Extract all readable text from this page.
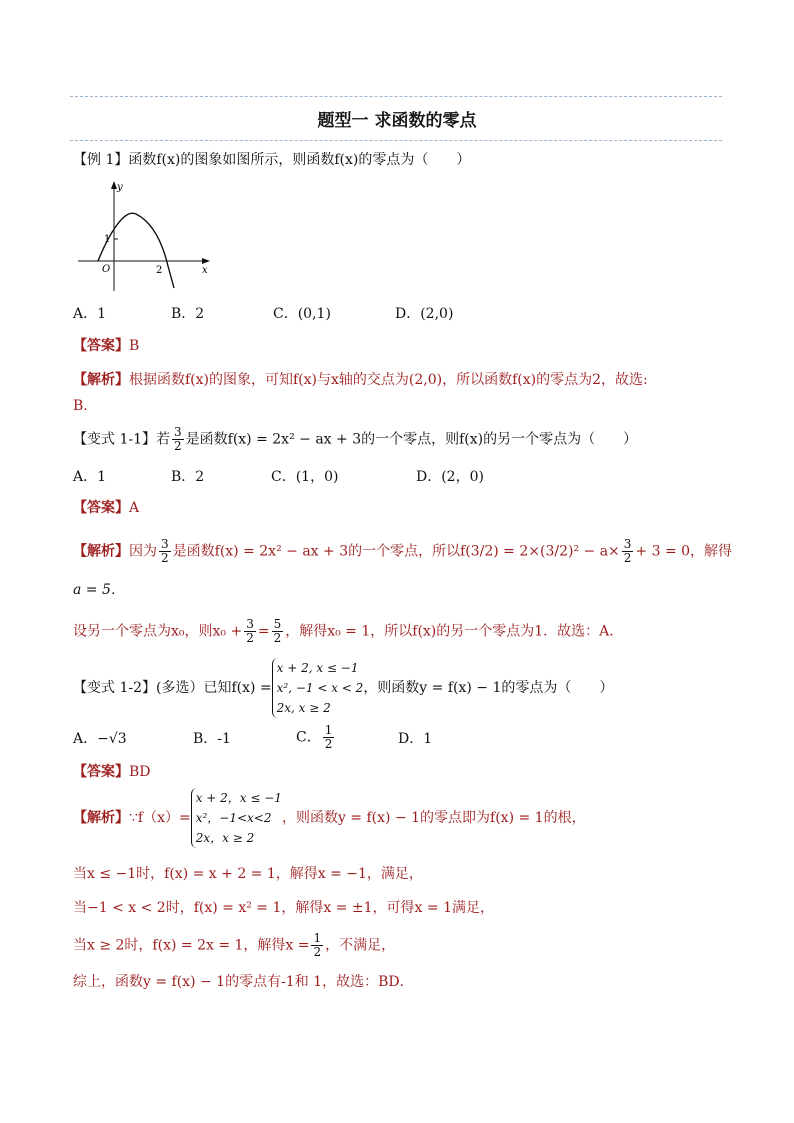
题型一 求函数的零点
【例 1】函数f(x)的图象如图所示，则函数f(x)的零点为（　　）
y
x
O
1
2
A．1	B．2	C．(0,1)	D．(2,0)
【答案】B
【解析】根据函数f(x)的图象，可知f(x)与x轴的交点为(2,0)，所以函数f(x)的零点为2，故选:
B.
【变式 1-1】若 $\frac{3}{2}$ 是函数f(x) = 2x² − ax + 3的一个零点，则f(x)的另一个零点为（　　）
A．1	B．2	C．(1，0)	D．(2，0)
【答案】A
【解析】因为 $\frac{3}{2}$ 是函数f(x) = 2x² − ax + 3的一个零点，所以$f(3/2) = 2\times(3/2)^2 - a\times \frac{3}{2} + 3 = 0$，解得
a = 5．
设另一个零点为x₀，则$x_0 + \frac{3}{2} = \frac{5}{2}$ ，解得x₀ = 1，所以f(x)的另一个零点为1．故选：A．
【变式 1-2】(多选）已知f(x) =
x + 2, x ≤ −1
x², −1 < x < 2
2x, x ≥ 2
，则函数y = f(x) − 1的零点为（　　）
A．−√3	B．-1	C． $\frac{1}{2}$	D．1
【答案】BD
【解析】∵f（x）=
x + 2，x ≤ −1
x²，−1<x<2
2x，x ≥ 2
，则函数y = f(x) − 1的零点即为f(x) = 1的根，
当x ≤ −1时，f(x) = x + 2 = 1，解得x = −1，满足，
当−1 < x < 2时，f(x) = x² = 1，解得x = ±1，可得x = 1满足，
当x ≥ 2时，f(x) = 2x = 1，解得$x = \frac{1}{2}$ ，不满足，
综上，函数y = f(x) − 1的零点有-1和 1，故选：BD．
